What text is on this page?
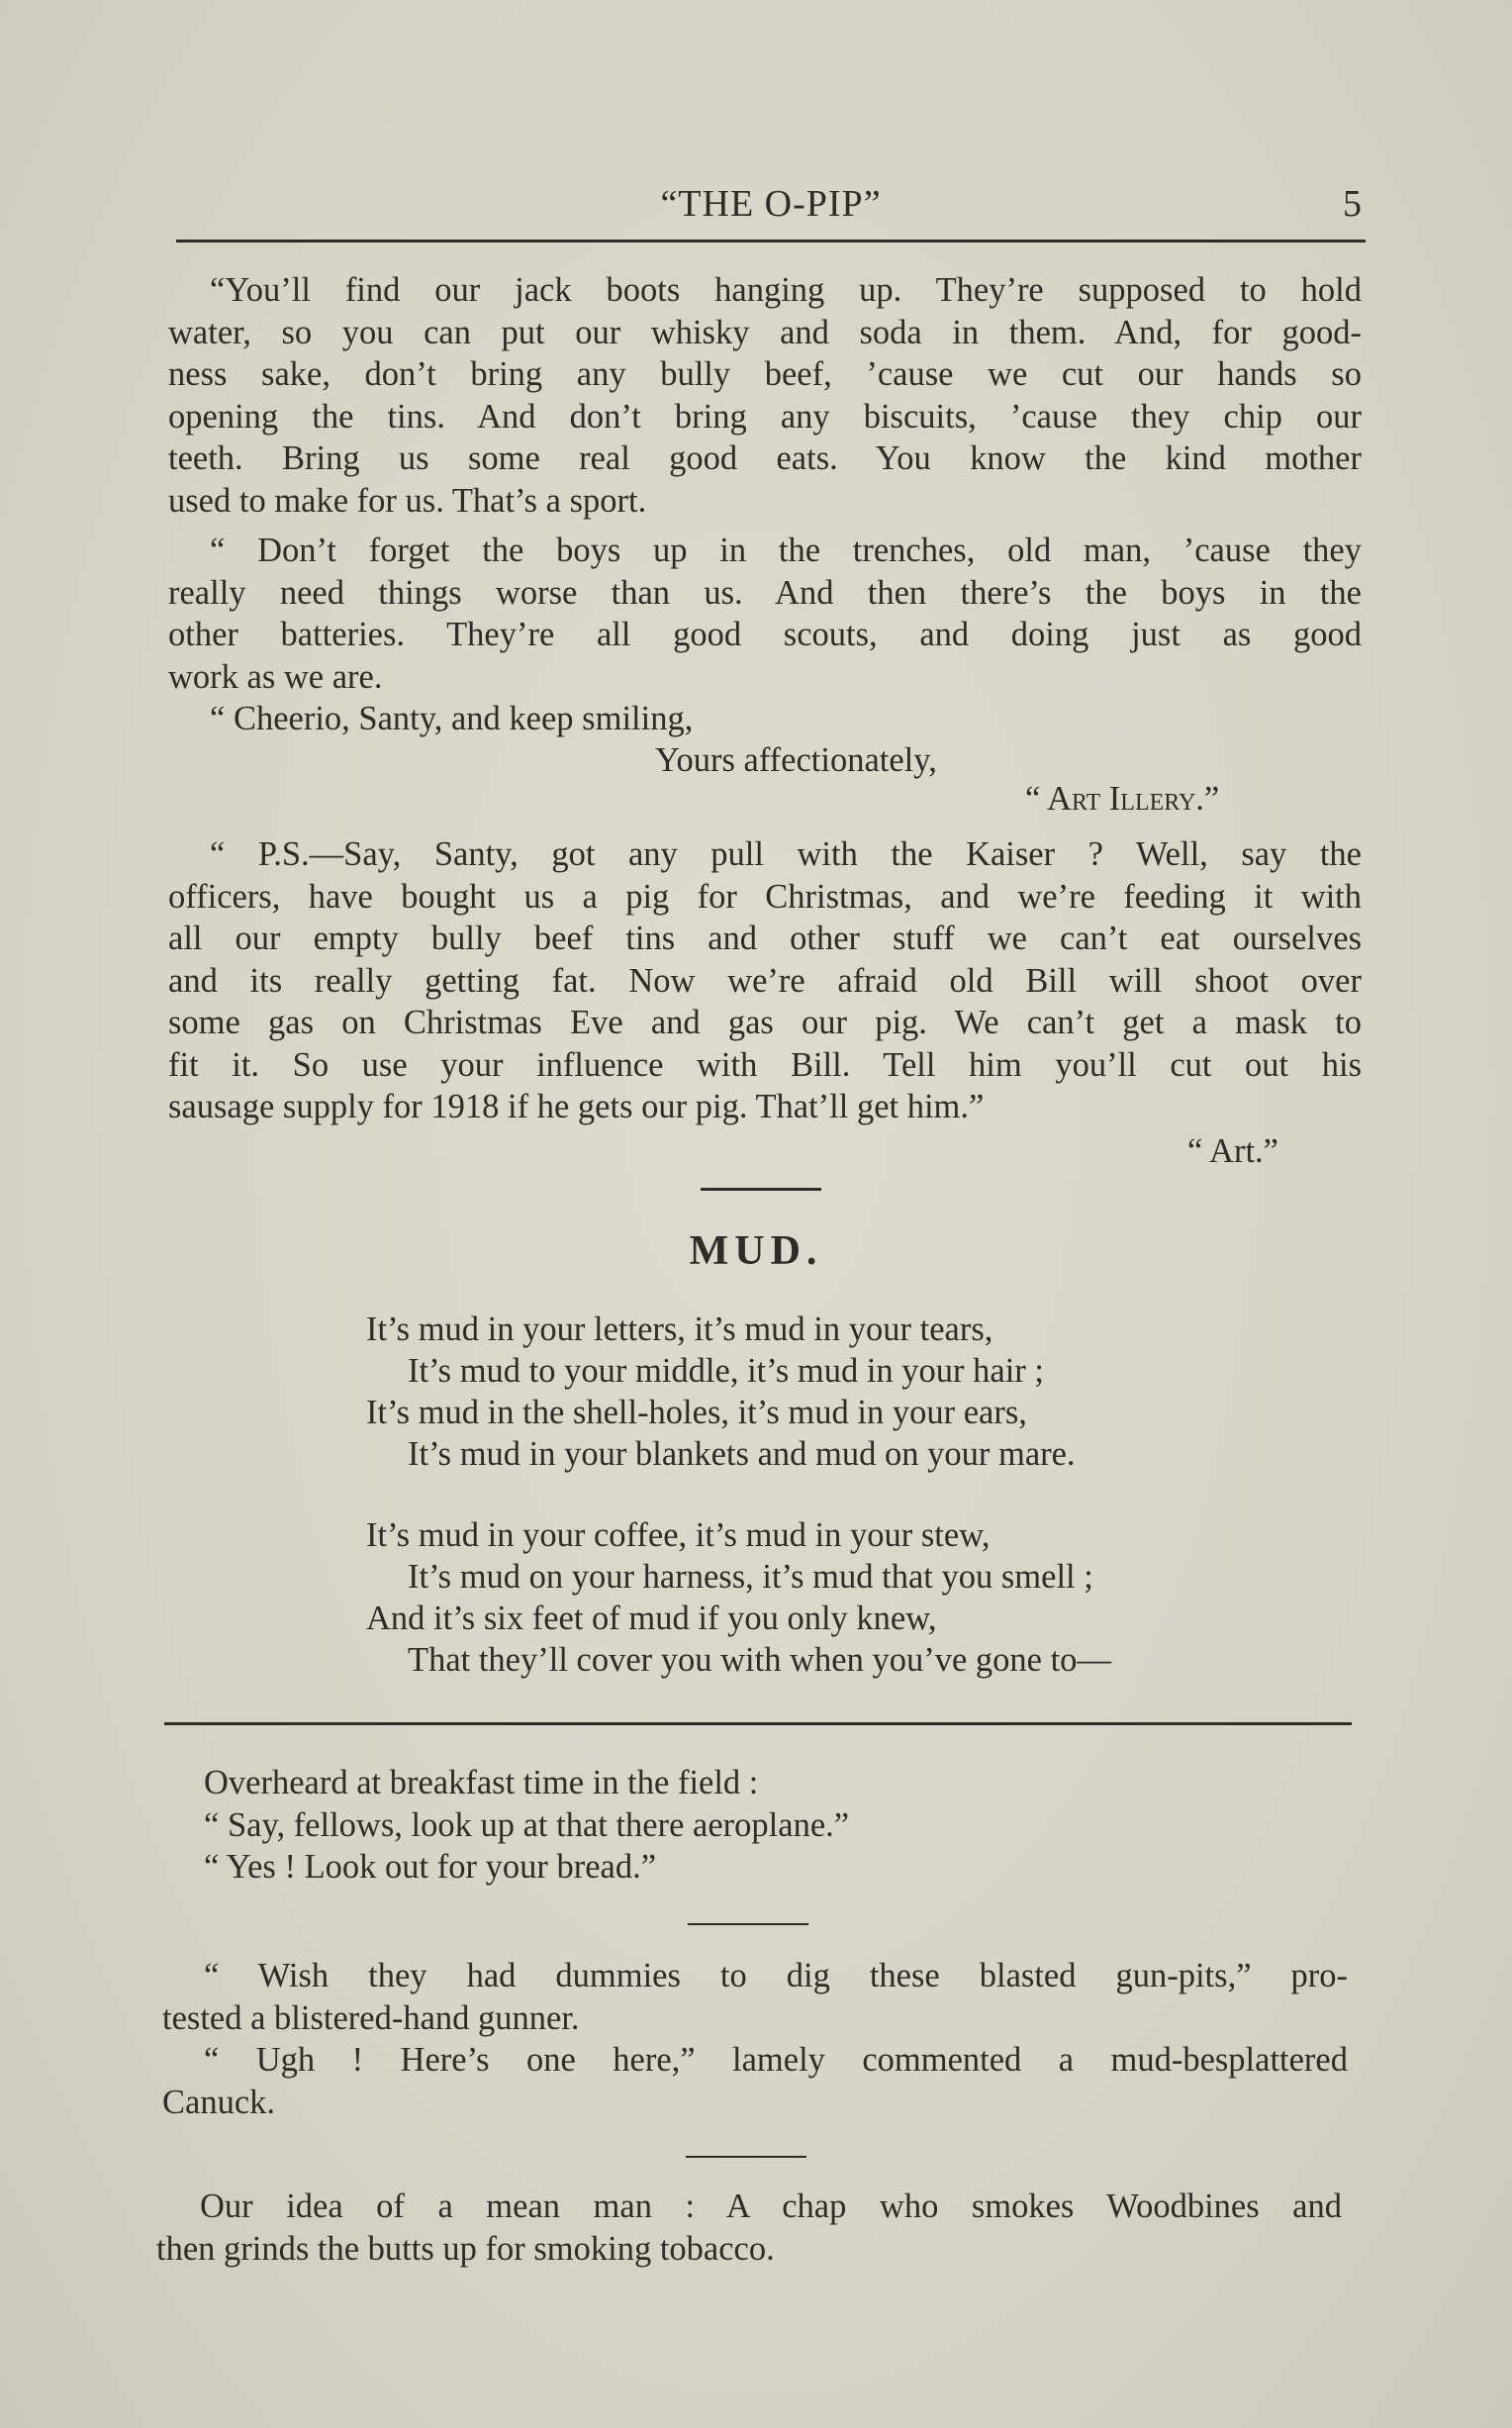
“THE O-PIP”	5
“You’ll find our jack boots hanging up. They’re supposed to hold
water, so you can put our whisky and soda in them. And, for good-
ness sake, don’t bring any bully beef, ’cause we cut our hands so
opening the tins. And don’t bring any biscuits, ’cause they chip our
teeth. Bring us some real good eats. You know the kind mother
used to make for us. That’s a sport.
“ Don’t forget the boys up in the trenches, old man, ’cause they
really need things worse than us. And then there’s the boys in the
other batteries. They’re all good scouts, and doing just as good
work as we are.
“ Cheerio, Santy, and keep smiling,
Yours affectionately,
“ Art Illery.”
“ P.S.—Say, Santy, got any pull with the Kaiser ? Well, say the
officers, have bought us a pig for Christmas, and we’re feeding it with
all our empty bully beef tins and other stuff we can’t eat ourselves
and its really getting fat. Now we’re afraid old Bill will shoot over
some gas on Christmas Eve and gas our pig. We can’t get a mask to
fit it. So use your influence with Bill. Tell him you’ll cut out his
sausage supply for 1918 if he gets our pig. That’ll get him.”
“ Art.”
MUD.
It’s mud in your letters, it’s mud in your tears,
It’s mud to your middle, it’s mud in your hair ;
It’s mud in the shell-holes, it’s mud in your ears,
It’s mud in your blankets and mud on your mare.
It’s mud in your coffee, it’s mud in your stew,
It’s mud on your harness, it’s mud that you smell ;
And it’s six feet of mud if you only knew,
That they’ll cover you with when you’ve gone to—
Overheard at breakfast time in the field :
“ Say, fellows, look up at that there aeroplane.”
“ Yes ! Look out for your bread.”
“ Wish they had dummies to dig these blasted gun-pits,” pro-
tested a blistered-hand gunner.
“ Ugh ! Here’s one here,” lamely commented a mud-besplattered
Canuck.
Our idea of a mean man : A chap who smokes Woodbines and
then grinds the butts up for smoking tobacco.
